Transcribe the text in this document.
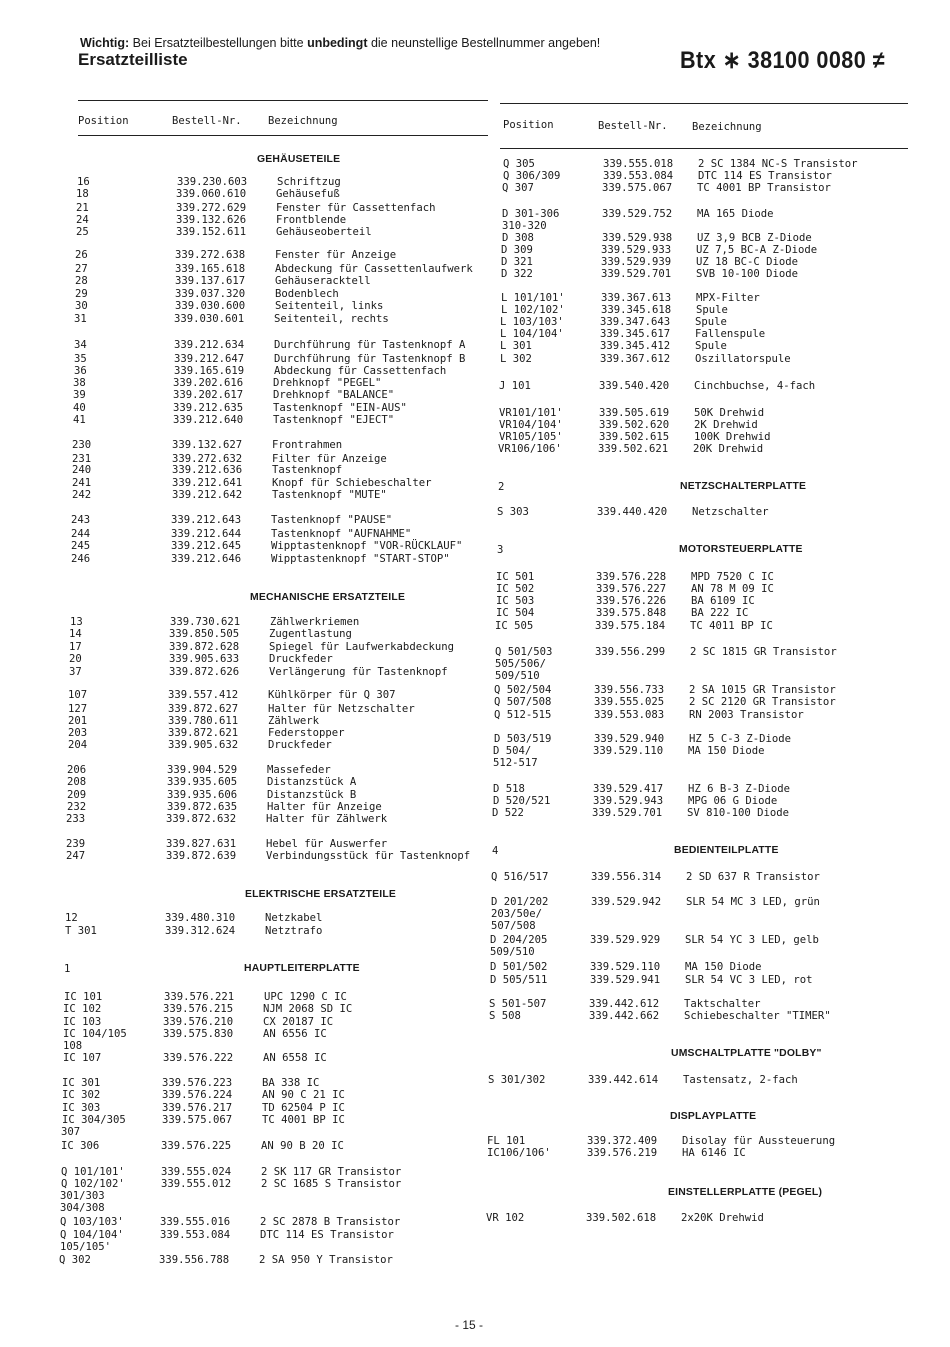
Wichtig: Bei Ersatzteilbestellungen bitte unbedingt die neunstellige Bestellnummer angeben!
Ersatzteilliste	Btx ∗ 38100 0080 ≠
Position	Bestell-Nr.	Bezeichnung	Position	Bestell-Nr. Bezeichnung
GEHÄUSETEILE
16	339.230.603	Schriftzug
18	339.060.610	Gehäusefuß
21	339.272.629	Fenster für Cassettenfach
24	339.132.626	Frontblende
25	339.152.611	Gehäuseoberteil
26	339.272.638	Fenster für Anzeige
27	339.165.618	Abdeckung für Cassettenlaufwerk
28	339.137.617	Gehäuseracktell
29	339.037.320	Bodenblech
30	339.030.600	Seitenteil, links
31	339.030.601	Seitenteil, rechts
34	339.212.634	Durchführung für Tastenknopf A
35	339.212.647	Durchführung für Tastenknopf B
36	339.165.619	Abdeckung für Cassettenfach
38	339.202.616	Drehknopf "PEGEL"
39	339.202.617	Drehknopf "BALANCE"
40	339.212.635	Tastenknopf "EIN-AUS"
41	339.212.640	Tastenknopf "EJECT"
230	339.132.627	Frontrahmen
231	339.272.632	Filter für Anzeige
240	339.212.636	Tastenknopf
241	339.212.641	Knopf für Schiebeschalter
242	339.212.642	Tastenknopf "MUTE"
243	339.212.643	Tastenknopf "PAUSE"
244	339.212.644	Tastenknopf "AUFNAHME"
245	339.212.645	Wipptastenknopf "VOR-RÜCKLAUF"
246	339.212.646	Wipptastenknopf "START-STOP"
MECHANISCHE ERSATZTEILE
13	339.730.621	Zählwerkriemen
14	339.850.505	Zugentlastung
17	339.872.628	Spiegel für Laufwerkabdeckung
20	339.905.633	Druckfeder
37	339.872.626	Verlängerung für Tastenknopf
107	339.557.412	Kühlkörper für Q 307
127	339.872.627	Halter für Netzschalter
201	339.780.611	Zählwerk
203	339.872.621	Federstopper
204	339.905.632	Druckfeder
206	339.904.529	Massefeder
208	339.935.605	Distanzstück A
209	339.935.606	Distanzstück B
232	339.872.635	Halter für Anzeige
233	339.872.632	Halter für Zählwerk
239	339.827.631	Hebel für Auswerfer
247	339.872.639	Verbindungsstück für Tastenknopf
ELEKTRISCHE ERSATZTEILE
12	339.480.310	Netzkabel
T 301	339.312.624	Netztrafo
1	HAUPTLEITERPLATTE
IC 101	339.576.221	UPC 1290 C IC
IC 102	339.576.215	NJM 2068 SD IC
IC 103	339.576.210	CX 20187 IC
IC 104/105	339.575.830	AN 6556 IC
108
IC 107	339.576.222	AN 6558 IC
IC 301	339.576.223	BA 338 IC
IC 302	339.576.224	AN 90 C 21 IC
IC 303	339.576.217	TD 62504 P IC
IC 304/305	339.575.067	TC 4001 BP IC
307
IC 306	339.576.225	AN 90 B 20 IC
Q 101/101'	339.555.024	2 SK 117 GR Transistor
Q 102/102'	339.555.012	2 SC 1685 S Transistor
301/303
304/308
Q 103/103'	339.555.016	2 SC 2878 B Transistor
Q 104/104'	339.553.084	DTC 114 ES Transistor
105/105'
Q 302	339.556.788	2 SA 950 Y Transistor
Q 305	339.555.018 2 SC 1384 NC-S Transistor
Q 306/309	339.553.084 DTC 114 ES Transistor
Q 307	339.575.067 TC 4001 BP Transistor
D 301-306	339.529.752 MA 165 Diode
310-320
D 308	339.529.938 UZ 3,9 BCB Z-Diode
D 309	339.529.933 UZ 7,5 BC-A Z-Diode
D 321	339.529.939 UZ 18 BC-C Diode
D 322	339.529.701 SVB 10-100 Diode
L 101/101'	339.367.613 MPX-Filter
L 102/102'	339.345.618 Spule
L 103/103'	339.347.643 Spule
L 104/104'	339.345.617 Fallenspule
L 301	339.345.412 Spule
L 302	339.367.612 Oszillatorspule
J 101	339.540.420 Cinchbuchse, 4-fach
VR101/101'	339.505.619 50K Drehwid
VR104/104'	339.502.620 2K Drehwid
VR105/105'	339.502.615 100K Drehwid
VR106/106'	339.502.621 20K Drehwid
2	NETZSCHALTERPLATTE
S 303	339.440.420 Netzschalter
3	MOTORSTEUERPLATTE
IC 501	339.576.228 MPD 7520 C IC
IC 502	339.576.227 AN 78 M 09 IC
IC 503	339.576.226 BA 6109 IC
IC 504	339.575.848 BA 222 IC
IC 505	339.575.184 TC 4011 BP IC
Q 501/503	339.556.299 2 SC 1815 GR Transistor
505/506/
509/510
Q 502/504	339.556.733 2 SA 1015 GR Transistor
Q 507/508	339.555.025 2 SC 2120 GR Transistor
Q 512-515	339.553.083 RN 2003 Transistor
D 503/519	339.529.940 HZ 5 C-3 Z-Diode
D 504/	339.529.110 MA 150 Diode
512-517
D 518	339.529.417 HZ 6 B-3 Z-Diode
D 520/521	339.529.943 MPG 06 G Diode
D 522	339.529.701 SV 810-100 Diode
4	BEDIENTEILPLATTE
Q 516/517	339.556.314 2 SD 637 R Transistor
D 201/202	339.529.942 SLR 54 MC 3 LED, grün
203/50e/
507/508
D 204/205	339.529.929 SLR 54 YC 3 LED, gelb
509/510
D 501/502	339.529.110 MA 150 Diode
D 505/511	339.529.941 SLR 54 VC 3 LED, rot
S 501-507	339.442.612 Taktschalter
S 508	339.442.662 Schiebeschalter "TIMER"
UMSCHALTPLATTE "DOLBY"
S 301/302	339.442.614 Tastensatz, 2-fach
DISPLAYPLATTE
FL 101	339.372.409 Disolay für Aussteuerung
IC106/106'	339.576.219 HA 6146 IC
EINSTELLERPLATTE (PEGEL)
VR 102	339.502.618 2x20K Drehwid
- 15 -
